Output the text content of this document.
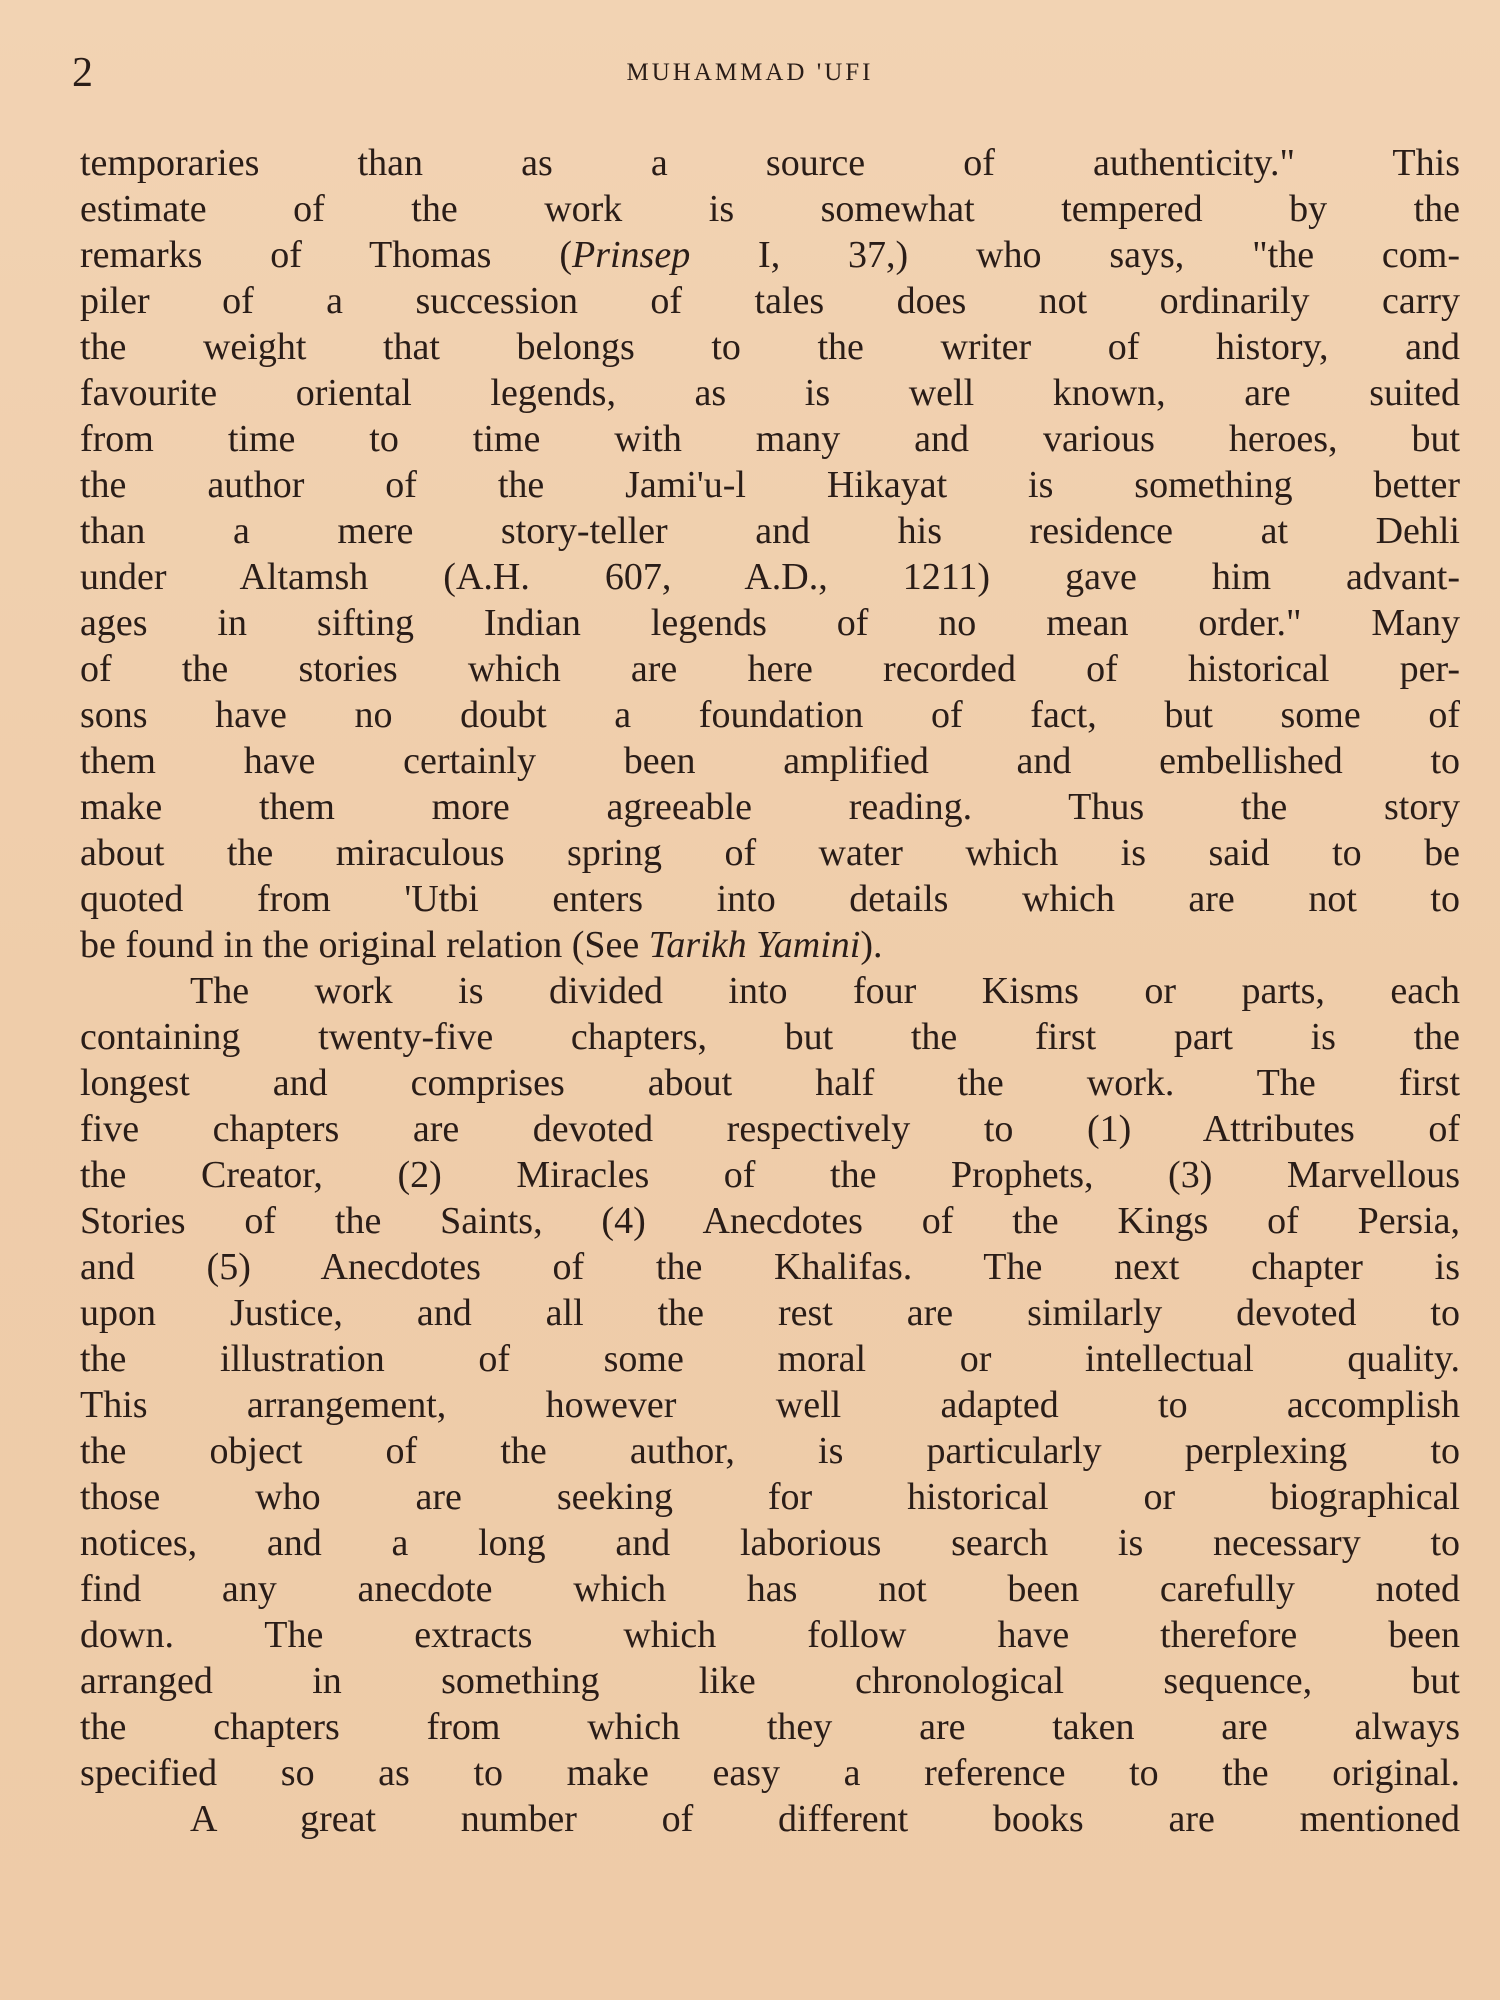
2	MUHAMMAD 'UFI
temporaries than as a source of authenticity." This
estimate of the work is somewhat tempered by the
remarks of Thomas (Prinsep I, 37,) who says, "the com-
piler of a succession of tales does not ordinarily carry
the weight that belongs to the writer of history, and
favourite oriental legends, as is well known, are suited
from time to time with many and various heroes, but
the author of the Jami'u-l Hikayat is something better
than a mere story-teller and his residence at Dehli
under Altamsh (A.H. 607, A.D., 1211) gave him advant-
ages in sifting Indian legends of no mean order." Many
of the stories which are here recorded of historical per-
sons have no doubt a foundation of fact, but some of
them have certainly been amplified and embellished to
make them more agreeable reading. Thus the story
about the miraculous spring of water which is said to be
quoted from 'Utbi enters into details which are not to
be found in the original relation (See Tarikh Yamini).
The work is divided into four Kisms or parts, each
containing twenty-five chapters, but the first part is the
longest and comprises about half the work. The first
five chapters are devoted respectively to (1) Attributes of
the Creator, (2) Miracles of the Prophets, (3) Marvellous
Stories of the Saints, (4) Anecdotes of the Kings of Persia,
and (5) Anecdotes of the Khalifas. The next chapter is
upon Justice, and all the rest are similarly devoted to
the illustration of some moral or intellectual quality.
This arrangement, however well adapted to accomplish
the object of the author, is particularly perplexing to
those who are seeking for historical or biographical
notices, and a long and laborious search is necessary to
find any anecdote which has not been carefully noted
down. The extracts which follow have therefore been
arranged in something like chronological sequence, but
the chapters from which they are taken are always
specified so as to make easy a reference to the original.
A great number of different books are mentioned
